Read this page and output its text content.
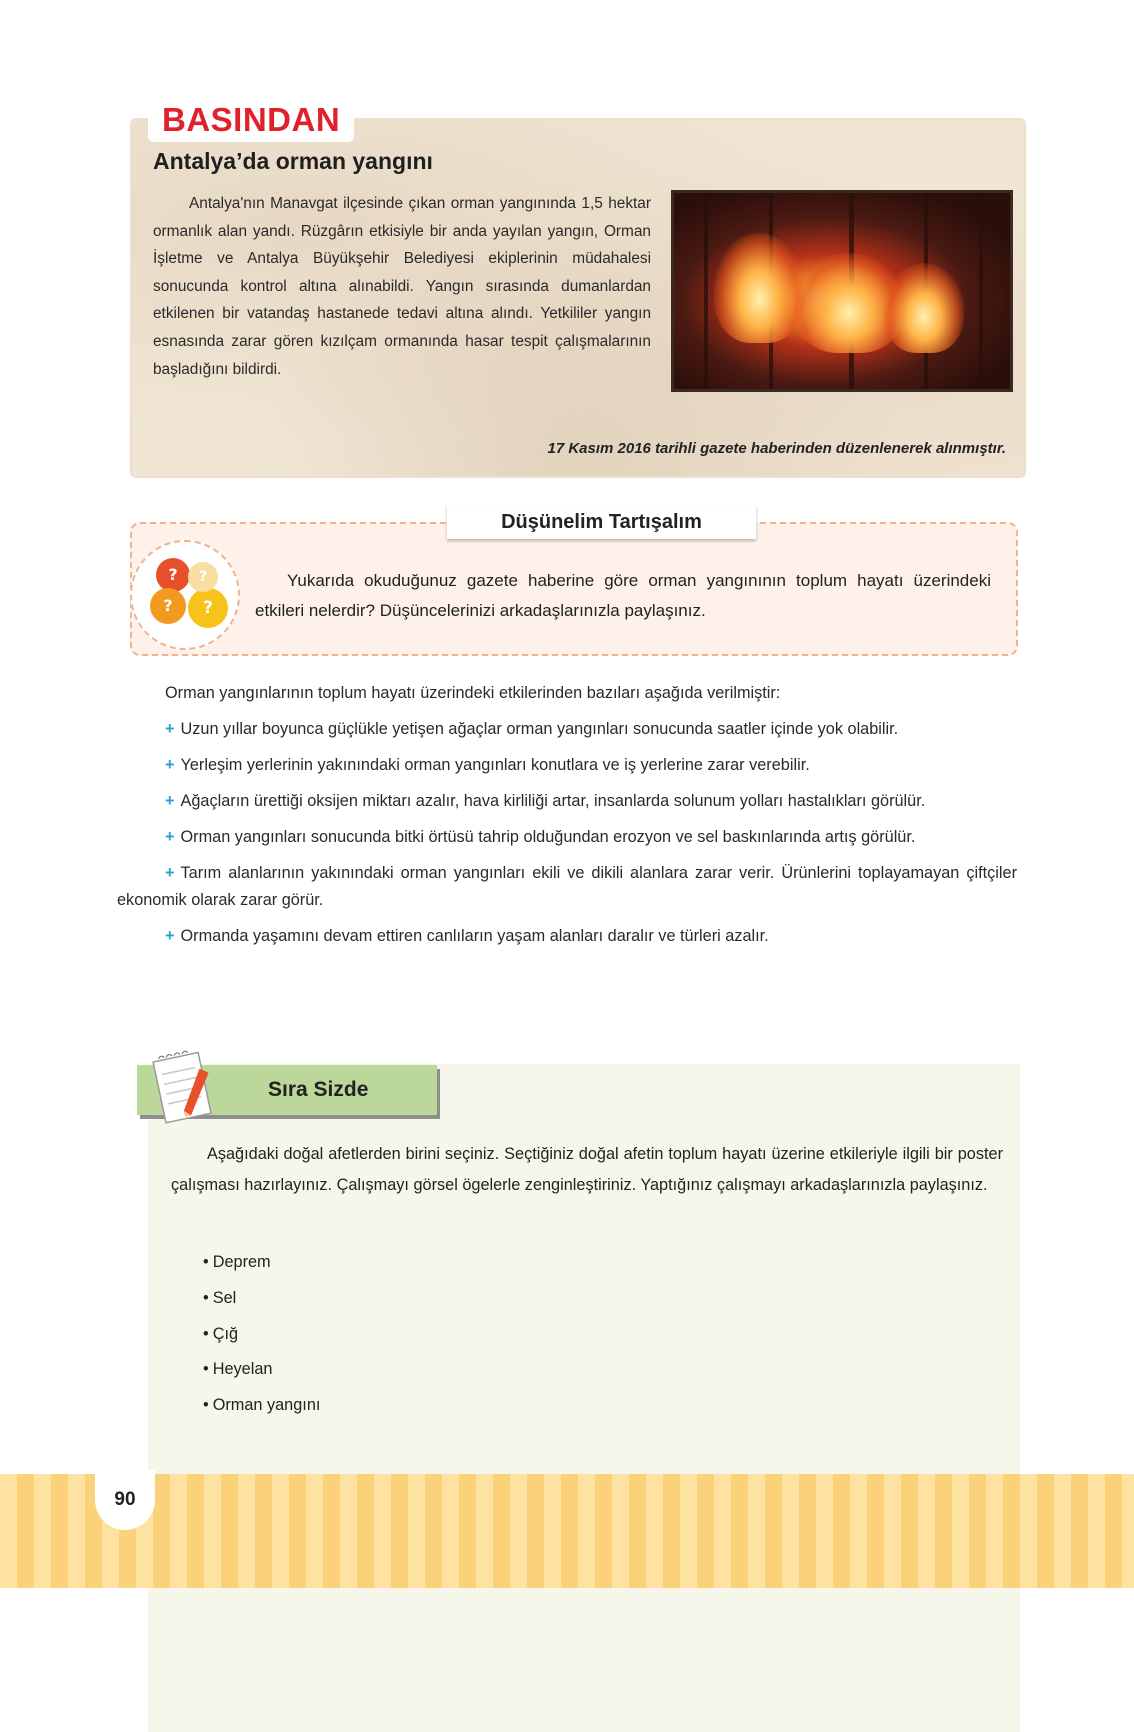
BASINDAN
Antalya’da orman yangını

Antalya'nın Manavgat ilçesinde çıkan orman yangınında 1,5 hektar ormanlık alan yandı. Rüzgârın etkisiyle bir anda yayılan yangın, Orman İşletme ve Antalya Büyükşehir Belediyesi ekiplerinin müdahalesi sonucunda kontrol altına alınabildi. Yangın sırasında dumanlardan etkilenen bir vatandaş hastanede tedavi altına alındı. Yetkililer yangın esnasında zarar gören kızılçam ormanında hasar tespit çalışmalarının başladığını bildirdi.

17 Kasım 2016 tarihli gazete haberinden düzenlenerek alınmıştır.
?
?	?
?
Düşünelim Tartışalım

Yukarıda okuduğunuz gazete haberine göre orman yangınının toplum hayatı üzerindeki etkileri nelerdir? Düşüncelerinizi arkadaşlarınızla paylaşınız.

Orman yangınlarının toplum hayatı üzerindeki etkilerinden bazıları aşağıda verilmiştir:

+ Uzun yıllar boyunca güçlükle yetişen ağaçlar orman yangınları sonucunda saatler içinde yok olabilir.

+ Yerleşim yerlerinin yakınındaki orman yangınları konutlara ve iş yerlerine zarar verebilir.

+ Ağaçların ürettiği oksijen miktarı azalır, hava kirliliği artar, insanlarda solunum yolları hastalıkları görülür.

+ Orman yangınları sonucunda bitki örtüsü tahrip olduğundan erozyon ve sel baskınlarında artış görülür.

+ Tarım alanlarının yakınındaki orman yangınları ekili ve dikili alanlara zarar verir. Ürünlerini toplayamayan çiftçiler ekonomik olarak zarar görür.

+ Ormanda yaşamını devam ettiren canlıların yaşam alanları daralır ve türleri azalır.

Sıra Sizde

Aşağıdaki doğal afetlerden birini seçiniz. Seçtiğiniz doğal afetin toplum hayatı üzerine etkileriyle ilgili bir poster çalışması hazırlayınız. Çalışmayı görsel ögelerle zenginleştiriniz. Yaptığınız çalışmayı arkadaşlarınızla paylaşınız.

• Deprem
• Sel
• Çığ
• Heyelan
• Orman yangını
90
